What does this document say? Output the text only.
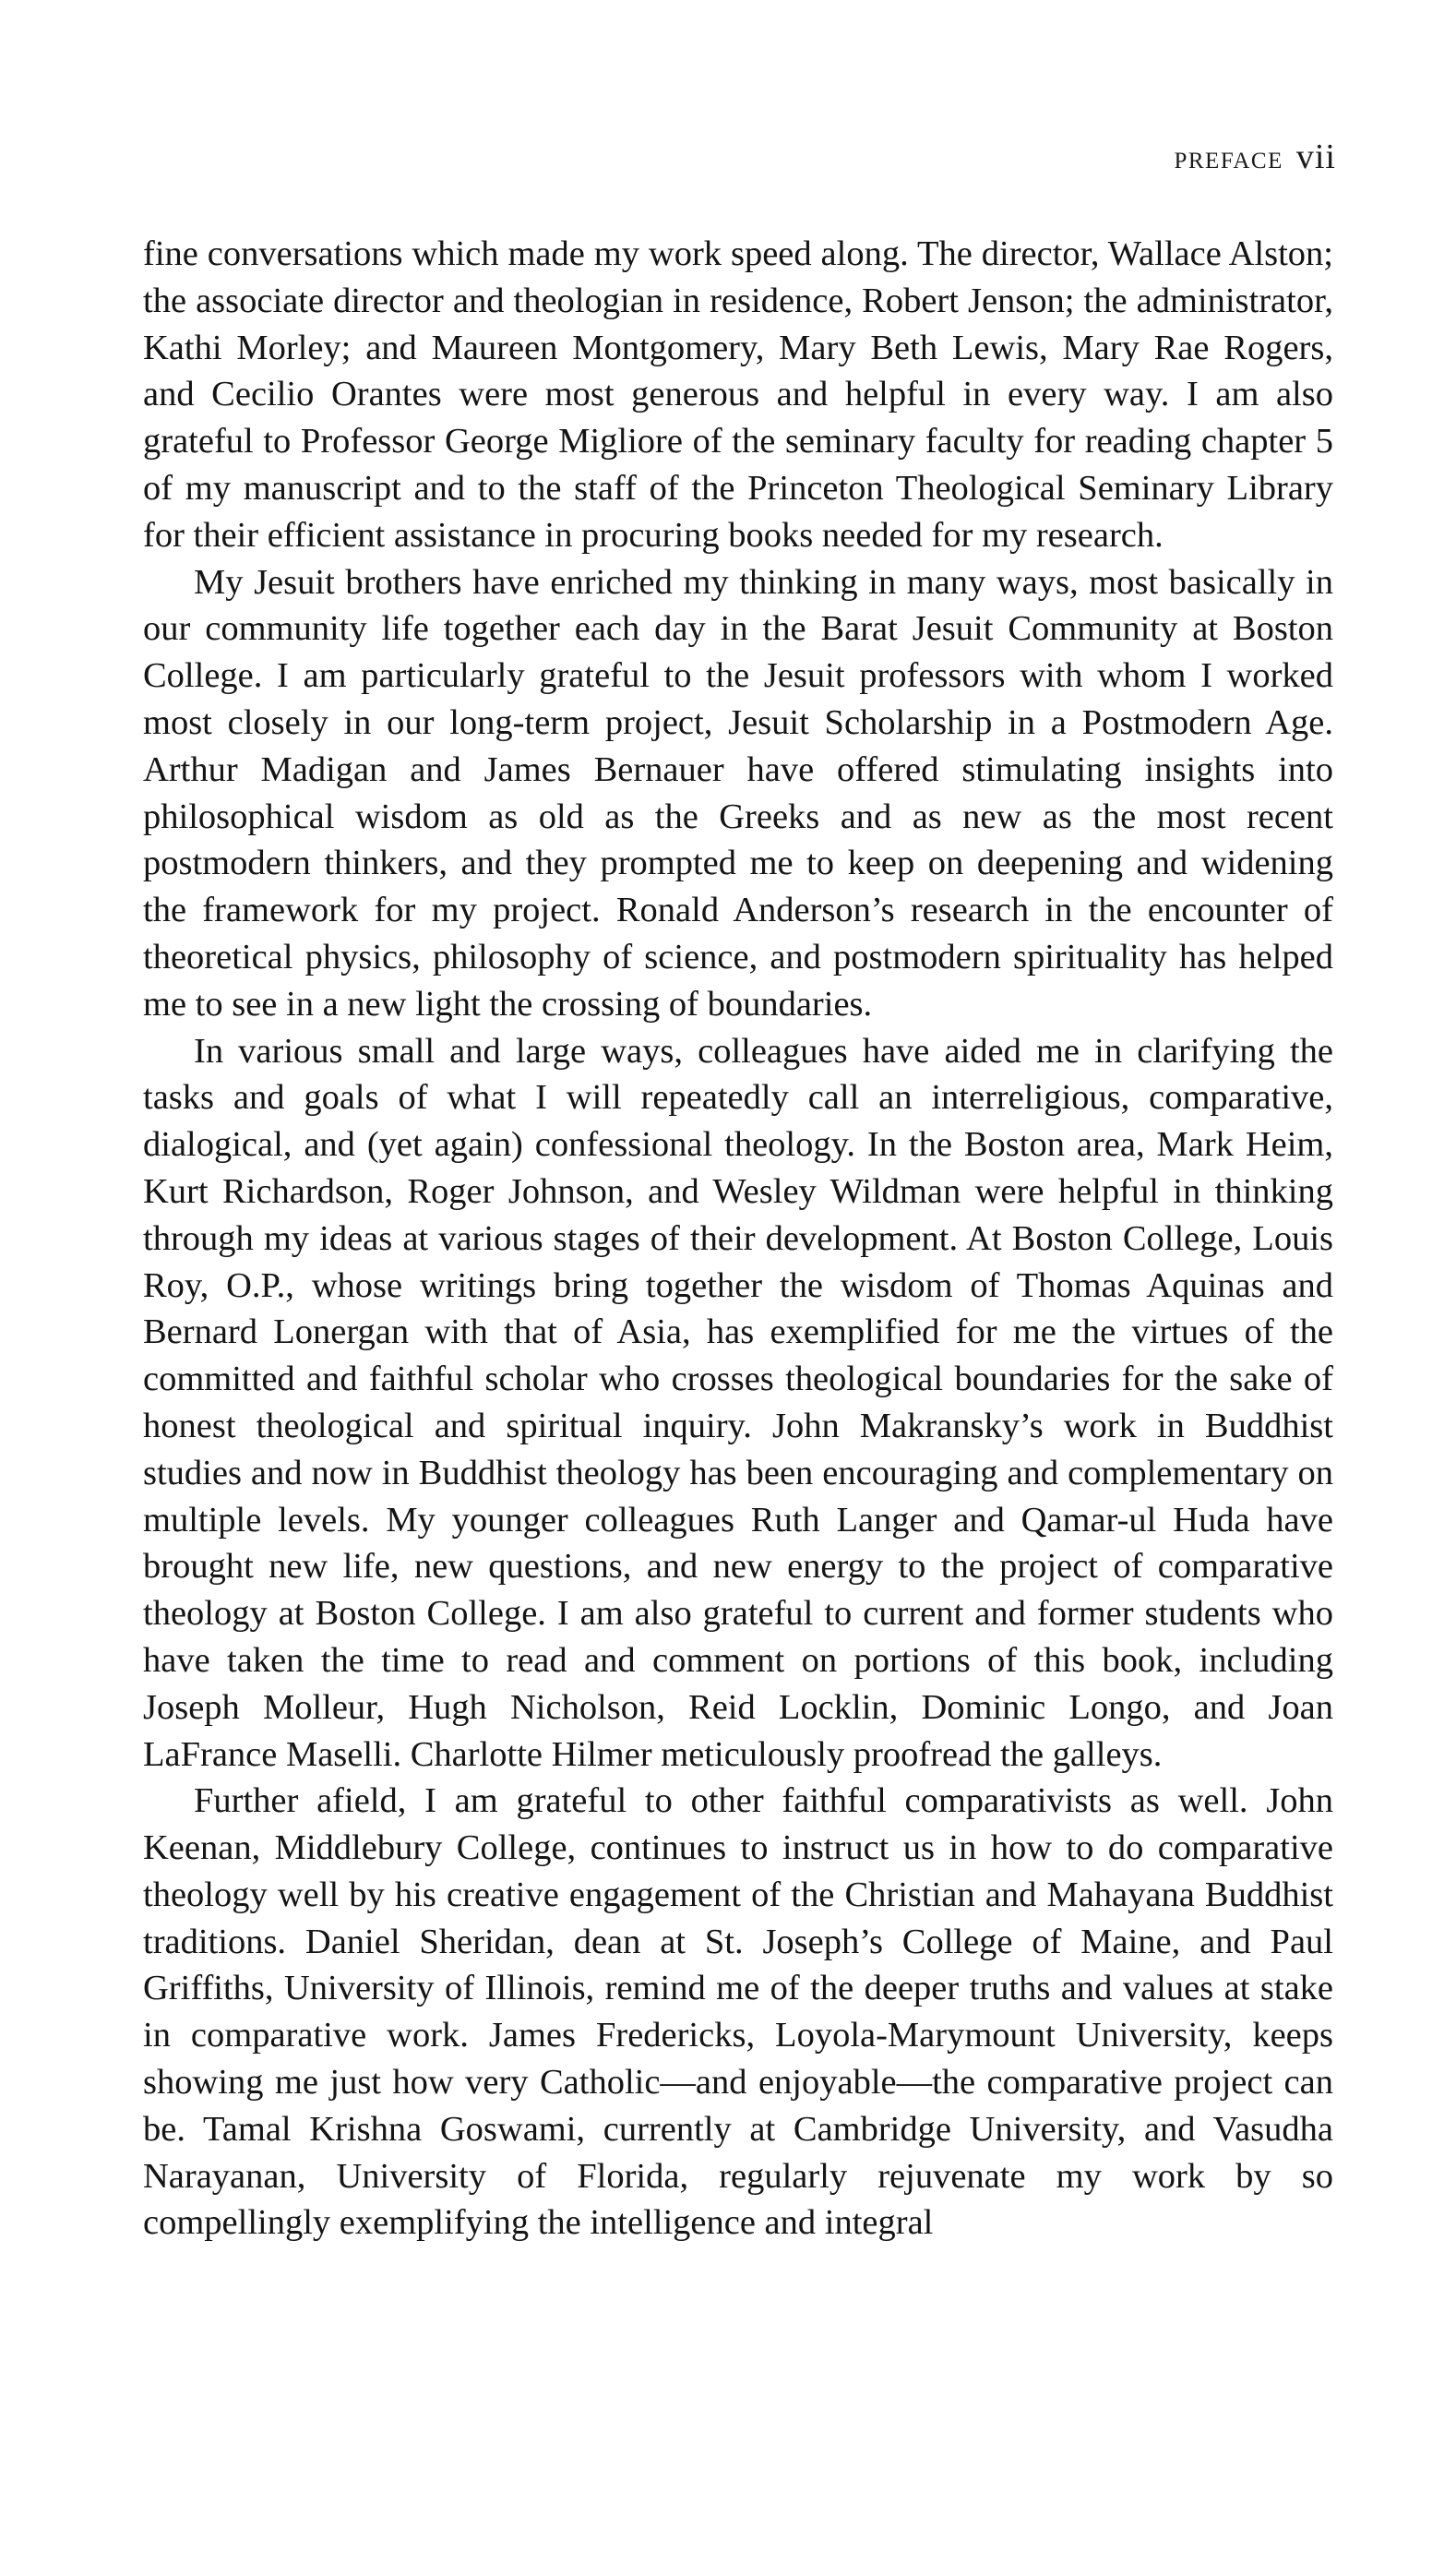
PREFACE vii

fine conversations which made my work speed along. The director, Wallace Alston; the associate director and theologian in residence, Robert Jenson; the administrator, Kathi Morley; and Maureen Montgomery, Mary Beth Lewis, Mary Rae Rogers, and Cecilio Orantes were most generous and helpful in every way. I am also grateful to Professor George Migliore of the seminary faculty for reading chapter 5 of my manuscript and to the staff of the Princeton Theological Seminary Library for their efficient assistance in procuring books needed for my research.

My Jesuit brothers have enriched my thinking in many ways, most basically in our community life together each day in the Barat Jesuit Community at Boston College. I am particularly grateful to the Jesuit professors with whom I worked most closely in our long-term project, Jesuit Scholarship in a Postmodern Age. Arthur Madigan and James Bernauer have offered stimulating insights into philosophical wisdom as old as the Greeks and as new as the most recent postmodern thinkers, and they prompted me to keep on deepening and widening the framework for my project. Ronald Anderson’s research in the encounter of theoretical physics, philosophy of science, and postmodern spirituality has helped me to see in a new light the crossing of boundaries.

In various small and large ways, colleagues have aided me in clarifying the tasks and goals of what I will repeatedly call an interreligious, comparative, dialogical, and (yet again) confessional theology. In the Boston area, Mark Heim, Kurt Richardson, Roger Johnson, and Wesley Wildman were helpful in thinking through my ideas at various stages of their development. At Boston College, Louis Roy, O.P., whose writings bring together the wisdom of Thomas Aquinas and Bernard Lonergan with that of Asia, has exemplified for me the virtues of the committed and faithful scholar who crosses theological boundaries for the sake of honest theological and spiritual inquiry. John Makransky’s work in Buddhist studies and now in Buddhist theology has been encouraging and complementary on multiple levels. My younger colleagues Ruth Langer and Qamar-ul Huda have brought new life, new questions, and new energy to the project of comparative theology at Boston College. I am also grateful to current and former students who have taken the time to read and comment on portions of this book, including Joseph Molleur, Hugh Nicholson, Reid Locklin, Dominic Longo, and Joan LaFrance Maselli. Charlotte Hilmer meticulously proofread the galleys.

Further afield, I am grateful to other faithful comparativists as well. John Keenan, Middlebury College, continues to instruct us in how to do comparative theology well by his creative engagement of the Christian and Mahayana Buddhist traditions. Daniel Sheridan, dean at St. Joseph’s College of Maine, and Paul Griffiths, University of Illinois, remind me of the deeper truths and values at stake in comparative work. James Fredericks, Loyola-Marymount University, keeps showing me just how very Catholic—and enjoyable—the comparative project can be. Tamal Krishna Goswami, currently at Cambridge University, and Vasudha Narayanan, University of Florida, regularly rejuvenate my work by so compellingly exemplifying the intelligence and integral
